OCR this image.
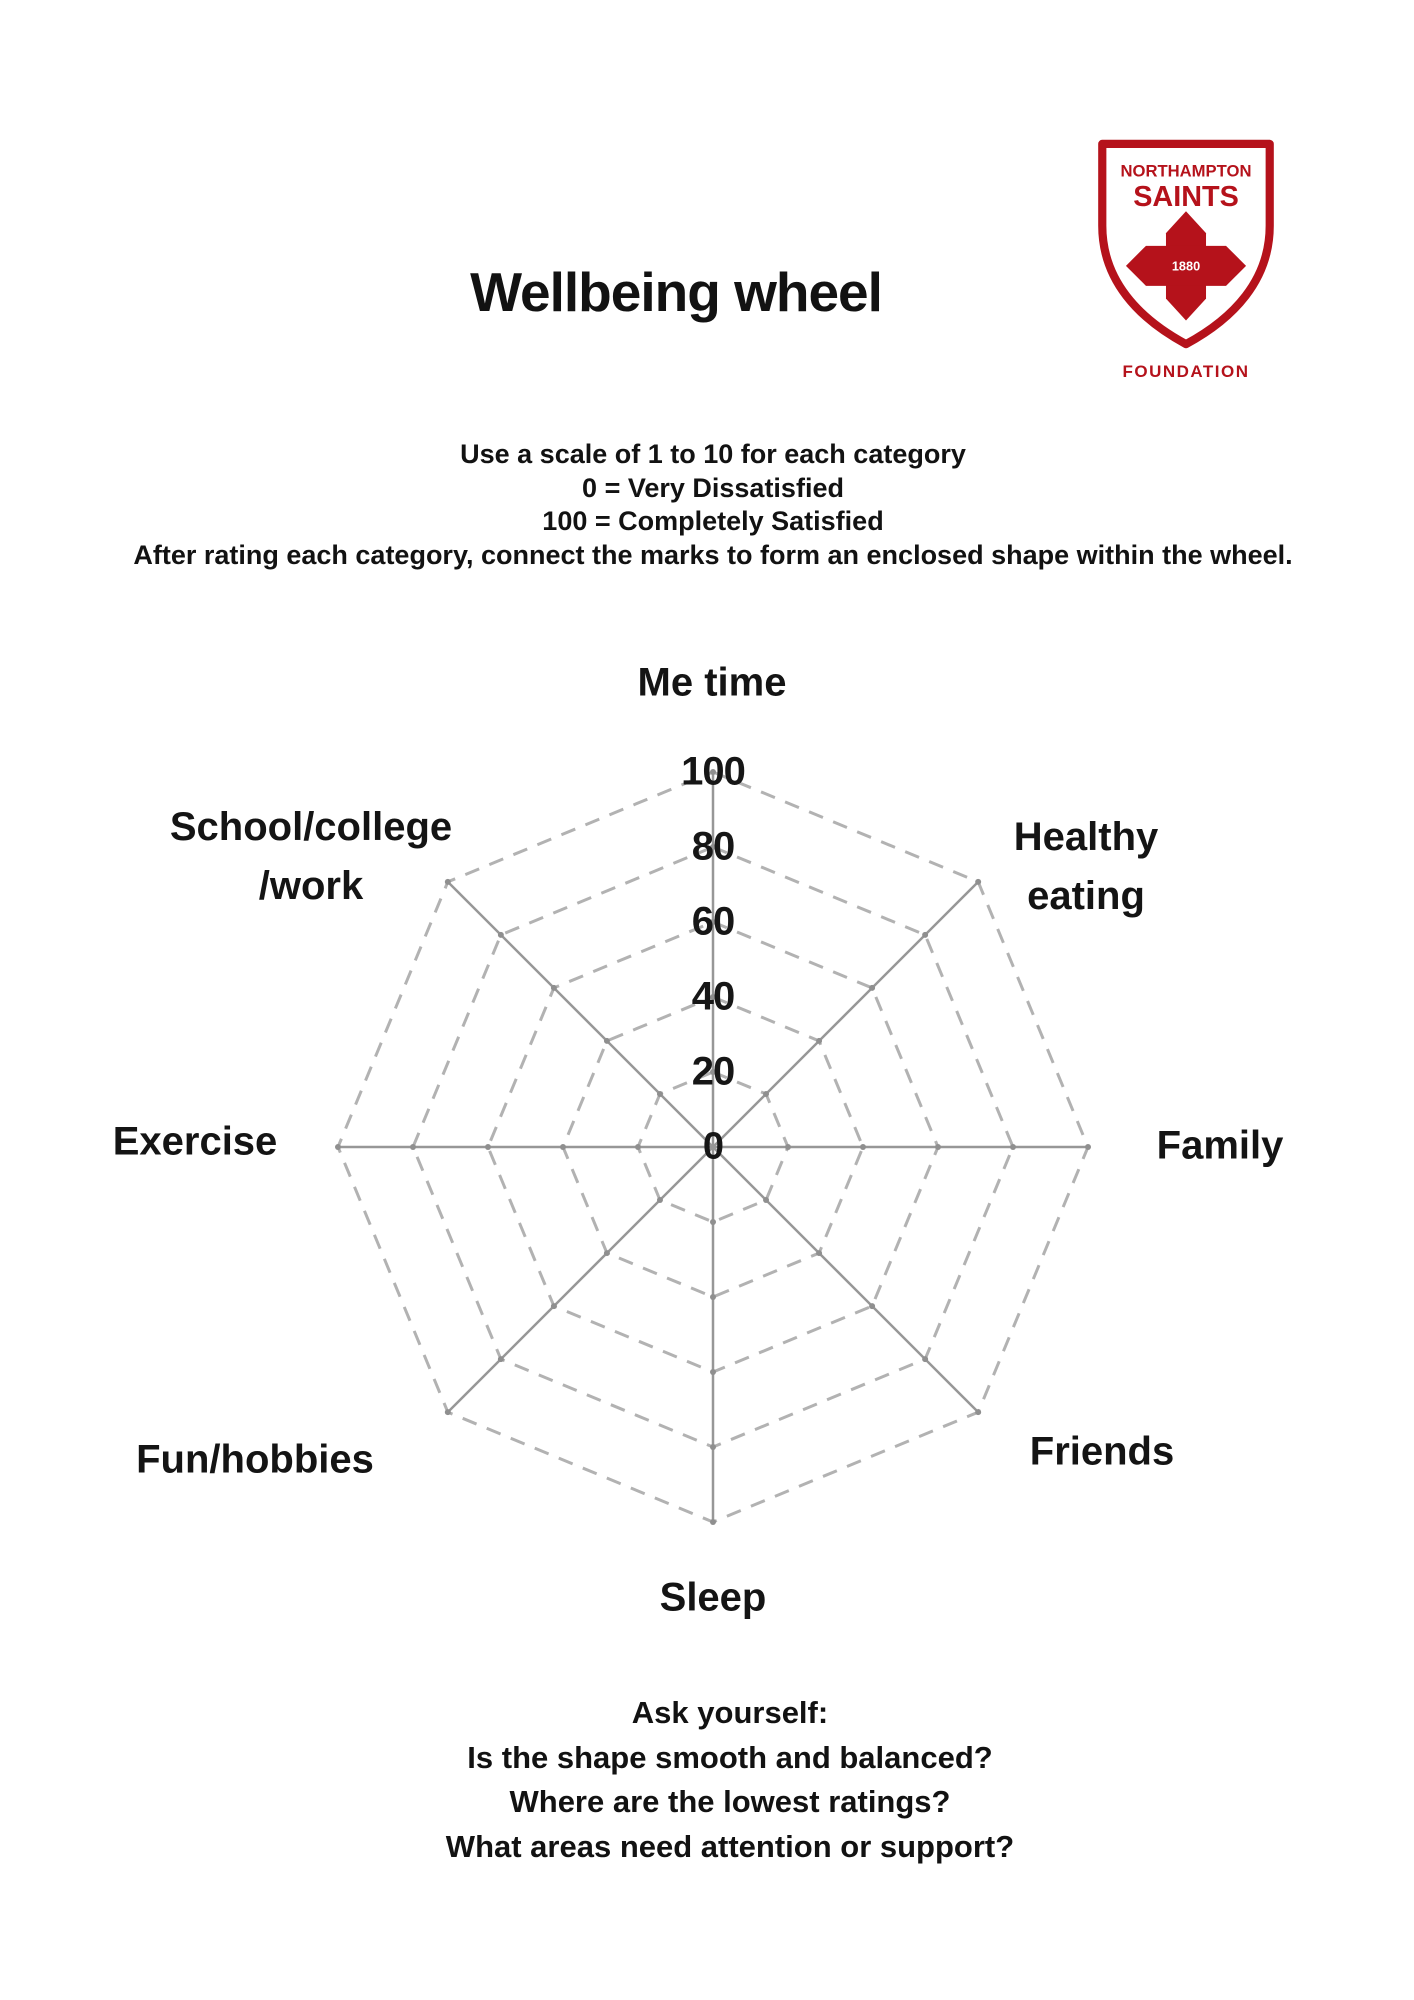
NORTHAMPTON
SAINTS
1880
FOUNDATION
Wellbeing wheel
Use a scale of 1 to 10 for each category
0 = Very Dissatisfied
100 = Completely Satisfied
After rating each category, connect the marks to form an enclosed shape within the wheel.
0
20
40
60
80
100
Me time
Healthy
eating
Family
Friends
Sleep
Fun/hobbies
Exercise
School/college
/work
Ask yourself:
Is the shape smooth and balanced?
Where are the lowest ratings?
What areas need attention or support?
